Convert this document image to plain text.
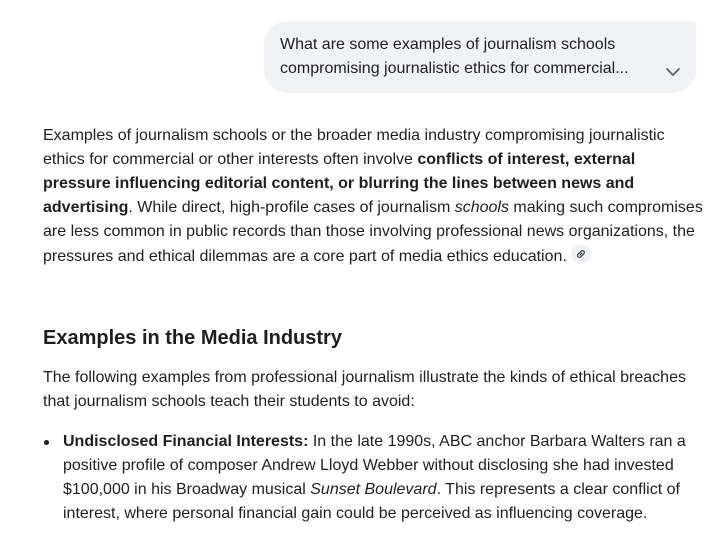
What are some examples of journalism schools
compromising journalistic ethics for commercial...

Examples of journalism schools or the broader media industry compromising journalistic ethics for commercial or other interests often involve conflicts of interest, external pressure influencing editorial content, or blurring the lines between news and advertising. While direct, high-profile cases of journalism schools making such compromises are less common in public records than those involving professional news organizations, the pressures and ethical dilemmas are a core part of media ethics education.

Examples in the Media Industry

The following examples from professional journalism illustrate the kinds of ethical breaches that journalism schools teach their students to avoid:

Undisclosed Financial Interests: In the late 1990s, ABC anchor Barbara Walters ran a positive profile of composer Andrew Lloyd Webber without disclosing she had invested $100,000 in his Broadway musical Sunset Boulevard. This represents a clear conflict of interest, where personal financial gain could be perceived as influencing coverage.
